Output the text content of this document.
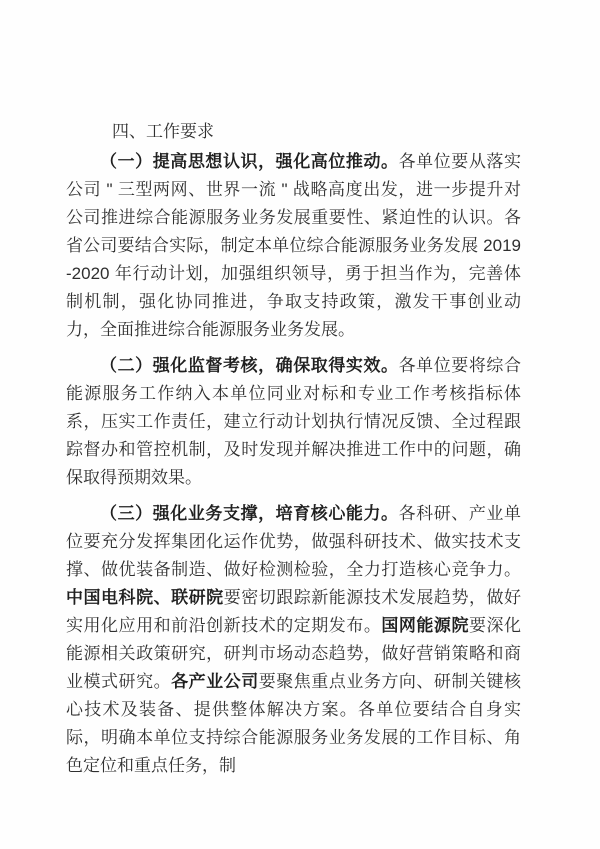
四、工作要求

（一）提高思想认识，强化高位推动。各单位要从落实公司 " 三型两网、世界一流 " 战略高度出发，进一步提升对公司推进综合能源服务业务发展重要性、紧迫性的认识。各省公司要结合实际，制定本单位综合能源服务业务发展 2019-2020 年行动计划，加强组织领导，勇于担当作为，完善体制机制，强化协同推进，争取支持政策，激发干事创业动力，全面推进综合能源服务业务发展。

（二）强化监督考核，确保取得实效。各单位要将综合能源服务工作纳入本单位同业对标和专业工作考核指标体系，压实工作责任，建立行动计划执行情况反馈、全过程跟踪督办和管控机制，及时发现并解决推进工作中的问题，确保取得预期效果。

（三）强化业务支撑，培育核心能力。各科研、产业单位要充分发挥集团化运作优势，做强科研技术、做实技术支撑、做优装备制造、做好检测检验，全力打造核心竞争力。中国电科院、联研院要密切跟踪新能源技术发展趋势，做好实用化应用和前沿创新技术的定期发布。国网能源院要深化能源相关政策研究，研判市场动态趋势，做好营销策略和商业模式研究。各产业公司要聚焦重点业务方向、研制关键核心技术及装备、提供整体解决方案。各单位要结合自身实际，明确本单位支持综合能源服务业务发展的工作目标、角色定位和重点任务，制
